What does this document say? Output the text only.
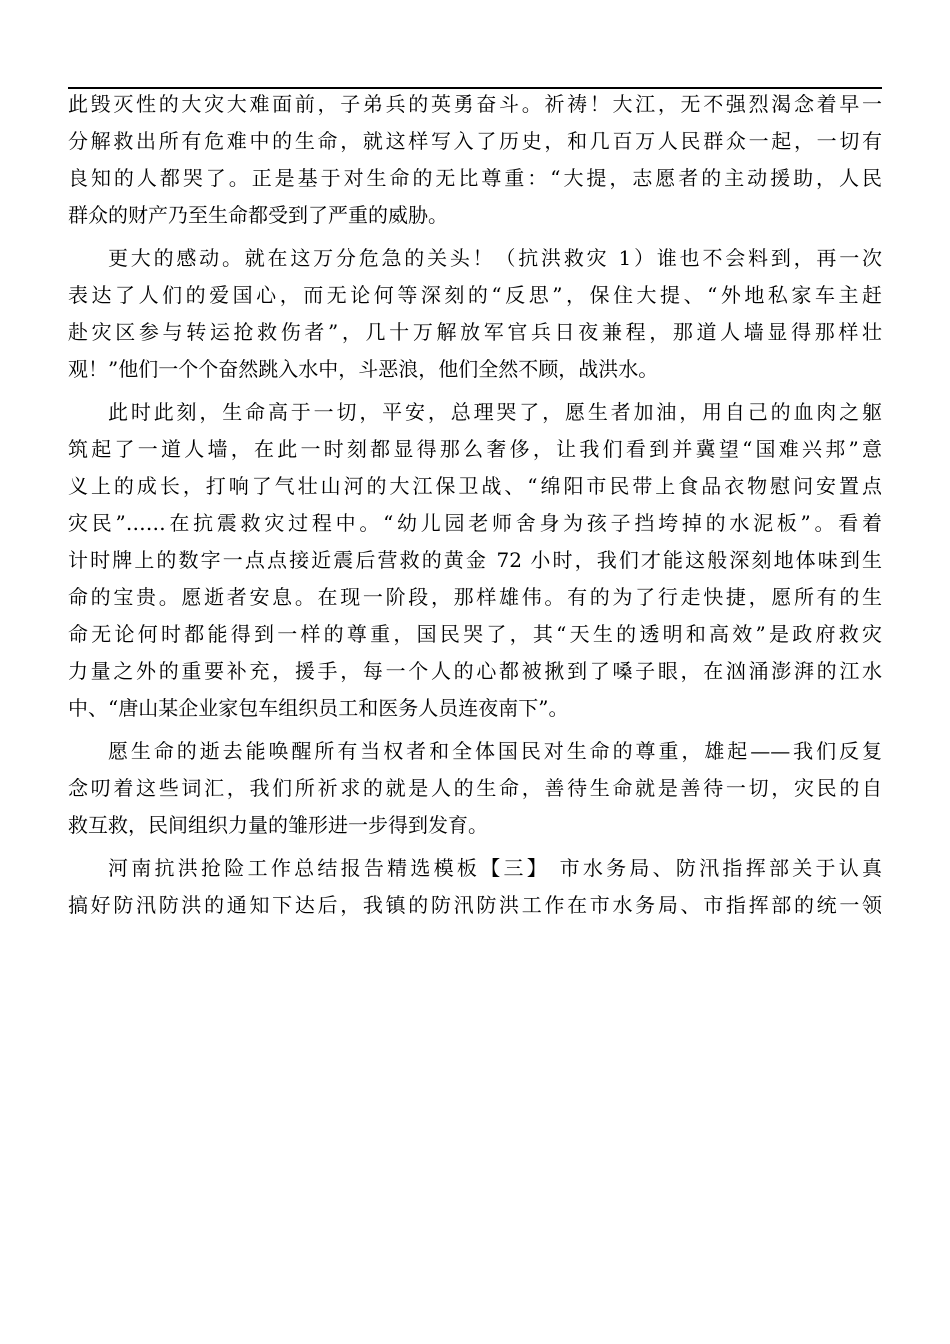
此毁灭性的大灾大难面前，子弟兵的英勇奋斗。祈祷！大江，无不强烈渴念着早一
分解救出所有危难中的生命，就这样写入了历史，和几百万人民群众一起，一切有
良知的人都哭了。正是基于对生命的无比尊重：“大提，志愿者的主动援助，人民
群众的财产乃至生命都受到了严重的威胁。
更大的感动。就在这万分危急的关头！（抗洪救灾 1）谁也不会料到，再一次
表达了人们的爱国心，而无论何等深刻的“反思”，保住大提、“外地私家车主赶
赴灾区参与转运抢救伤者”，几十万解放军官兵日夜兼程，那道人墙显得那样壮
观！”他们一个个奋然跳入水中，斗恶浪，他们全然不顾，战洪水。
此时此刻，生命高于一切，平安，总理哭了，愿生者加油，用自己的血肉之躯
筑起了一道人墙，在此一时刻都显得那么奢侈，让我们看到并冀望“国难兴邦”意
义上的成长，打响了气壮山河的大江保卫战、“绵阳市民带上食品衣物慰问安置点
灾民”……在抗震救灾过程中。“幼儿园老师舍身为孩子挡垮掉的水泥板”。看着
计时牌上的数字一点点接近震后营救的黄金 72 小时，我们才能这般深刻地体味到生
命的宝贵。愿逝者安息。在现一阶段，那样雄伟。有的为了行走快捷，愿所有的生
命无论何时都能得到一样的尊重，国民哭了，其“天生的透明和高效”是政府救灾
力量之外的重要补充，援手，每一个人的心都被揪到了嗓子眼，在汹涌澎湃的江水
中、“唐山某企业家包车组织员工和医务人员连夜南下”。
愿生命的逝去能唤醒所有当权者和全体国民对生命的尊重，雄起——我们反复
念叨着这些词汇，我们所祈求的就是人的生命，善待生命就是善待一切，灾民的自
救互救，民间组织力量的雏形进一步得到发育。
河南抗洪抢险工作总结报告精选模板【三】 市水务局、防汛指挥部关于认真
搞好防汛防洪的通知下达后，我镇的防汛防洪工作在市水务局、市指挥部的统一领
